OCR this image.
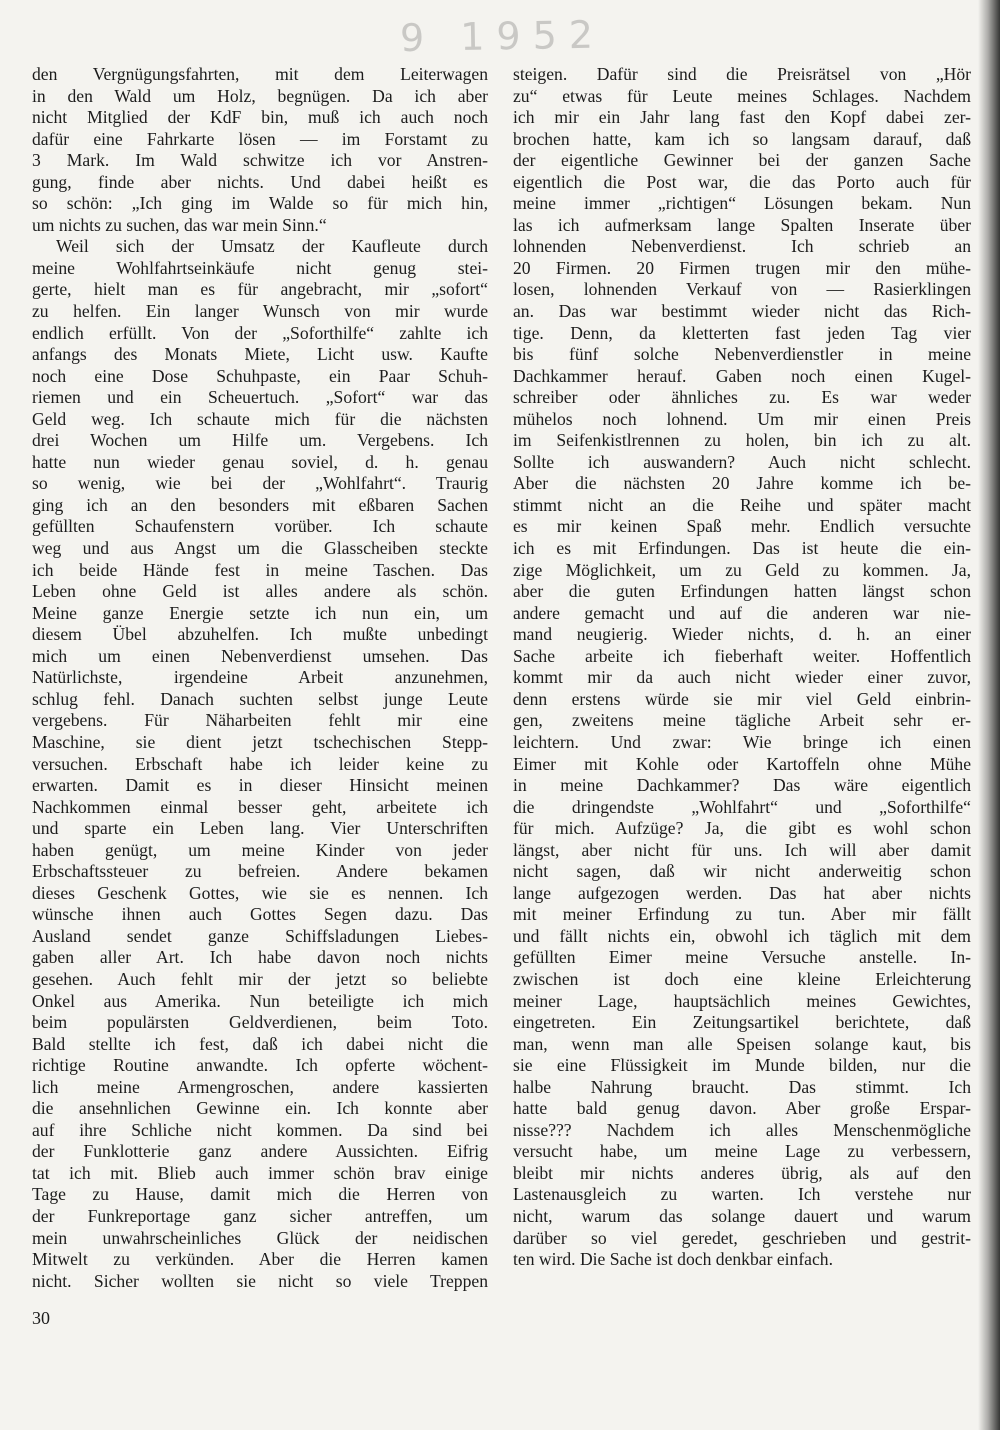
9 1952
den Vergnügungsfahrten, mit dem Leiterwagen
in den Wald um Holz, begnügen. Da ich aber
nicht Mitglied der KdF bin, muß ich auch noch
dafür eine Fahrkarte lösen — im Forstamt zu
3 Mark. Im Wald schwitze ich vor Anstren-
gung, finde aber nichts. Und dabei heißt es
so schön: „Ich ging im Walde so für mich hin,
um nichts zu suchen, das war mein Sinn.“
Weil sich der Umsatz der Kaufleute durch
meine Wohlfahrtseinkäufe nicht genug stei-
gerte, hielt man es für angebracht, mir „sofort“
zu helfen. Ein langer Wunsch von mir wurde
endlich erfüllt. Von der „Soforthilfe“ zahlte ich
anfangs des Monats Miete, Licht usw. Kaufte
noch eine Dose Schuhpaste, ein Paar Schuh-
riemen und ein Scheuertuch. „Sofort“ war das
Geld weg. Ich schaute mich für die nächsten
drei Wochen um Hilfe um. Vergebens. Ich
hatte nun wieder genau soviel, d. h. genau
so wenig, wie bei der „Wohlfahrt“. Traurig
ging ich an den besonders mit eßbaren Sachen
gefüllten Schaufenstern vorüber. Ich schaute
weg und aus Angst um die Glasscheiben steckte
ich beide Hände fest in meine Taschen. Das
Leben ohne Geld ist alles andere als schön.
Meine ganze Energie setzte ich nun ein, um
diesem Übel abzuhelfen. Ich mußte unbedingt
mich um einen Nebenverdienst umsehen. Das
Natürlichste, irgendeine Arbeit anzunehmen,
schlug fehl. Danach suchten selbst junge Leute
vergebens. Für Näharbeiten fehlt mir eine
Maschine, sie dient jetzt tschechischen Stepp-
versuchen. Erbschaft habe ich leider keine zu
erwarten. Damit es in dieser Hinsicht meinen
Nachkommen einmal besser geht, arbeitete ich
und sparte ein Leben lang. Vier Unterschriften
haben genügt, um meine Kinder von jeder
Erbschaftssteuer zu befreien. Andere bekamen
dieses Geschenk Gottes, wie sie es nennen. Ich
wünsche ihnen auch Gottes Segen dazu. Das
Ausland sendet ganze Schiffsladungen Liebes-
gaben aller Art. Ich habe davon noch nichts
gesehen. Auch fehlt mir der jetzt so beliebte
Onkel aus Amerika. Nun beteiligte ich mich
beim populärsten Geldverdienen, beim Toto.
Bald stellte ich fest, daß ich dabei nicht die
richtige Routine anwandte. Ich opferte wöchent-
lich meine Armengroschen, andere kassierten
die ansehnlichen Gewinne ein. Ich konnte aber
auf ihre Schliche nicht kommen. Da sind bei
der Funklotterie ganz andere Aussichten. Eifrig
tat ich mit. Blieb auch immer schön brav einige
Tage zu Hause, damit mich die Herren von
der Funkreportage ganz sicher antreffen, um
mein unwahrscheinliches Glück der neidischen
Mitwelt zu verkünden. Aber die Herren kamen
nicht. Sicher wollten sie nicht so viele Treppen
steigen. Dafür sind die Preisrätsel von „Hör
zu“ etwas für Leute meines Schlages. Nachdem
ich mir ein Jahr lang fast den Kopf dabei zer-
brochen hatte, kam ich so langsam darauf, daß
der eigentliche Gewinner bei der ganzen Sache
eigentlich die Post war, die das Porto auch für
meine immer „richtigen“ Lösungen bekam. Nun
las ich aufmerksam lange Spalten Inserate über
lohnenden Nebenverdienst. Ich schrieb an
20 Firmen. 20 Firmen trugen mir den mühe-
losen, lohnenden Verkauf von — Rasierklingen
an. Das war bestimmt wieder nicht das Rich-
tige. Denn, da kletterten fast jeden Tag vier
bis fünf solche Nebenverdienstler in meine
Dachkammer herauf. Gaben noch einen Kugel-
schreiber oder ähnliches zu. Es war weder
mühelos noch lohnend. Um mir einen Preis
im Seifenkistlrennen zu holen, bin ich zu alt.
Sollte ich auswandern? Auch nicht schlecht.
Aber die nächsten 20 Jahre komme ich be-
stimmt nicht an die Reihe und später macht
es mir keinen Spaß mehr. Endlich versuchte
ich es mit Erfindungen. Das ist heute die ein-
zige Möglichkeit, um zu Geld zu kommen. Ja,
aber die guten Erfindungen hatten längst schon
andere gemacht und auf die anderen war nie-
mand neugierig. Wieder nichts, d. h. an einer
Sache arbeite ich fieberhaft weiter. Hoffentlich
kommt mir da auch nicht wieder einer zuvor,
denn erstens würde sie mir viel Geld einbrin-
gen, zweitens meine tägliche Arbeit sehr er-
leichtern. Und zwar: Wie bringe ich einen
Eimer mit Kohle oder Kartoffeln ohne Mühe
in meine Dachkammer? Das wäre eigentlich
die dringendste „Wohlfahrt“ und „Soforthilfe“
für mich. Aufzüge? Ja, die gibt es wohl schon
längst, aber nicht für uns. Ich will aber damit
nicht sagen, daß wir nicht anderweitig schon
lange aufgezogen werden. Das hat aber nichts
mit meiner Erfindung zu tun. Aber mir fällt
und fällt nichts ein, obwohl ich täglich mit dem
gefüllten Eimer meine Versuche anstelle. In-
zwischen ist doch eine kleine Erleichterung
meiner Lage, hauptsächlich meines Gewichtes,
eingetreten. Ein Zeitungsartikel berichtete, daß
man, wenn man alle Speisen solange kaut, bis
sie eine Flüssigkeit im Munde bilden, nur die
halbe Nahrung braucht. Das stimmt. Ich
hatte bald genug davon. Aber große Erspar-
nisse??? Nachdem ich alles Menschenmögliche
versucht habe, um meine Lage zu verbessern,
bleibt mir nichts anderes übrig, als auf den
Lastenausgleich zu warten. Ich verstehe nur
nicht, warum das solange dauert und warum
darüber so viel geredet, geschrieben und gestrit-
ten wird. Die Sache ist doch denkbar einfach.
30
